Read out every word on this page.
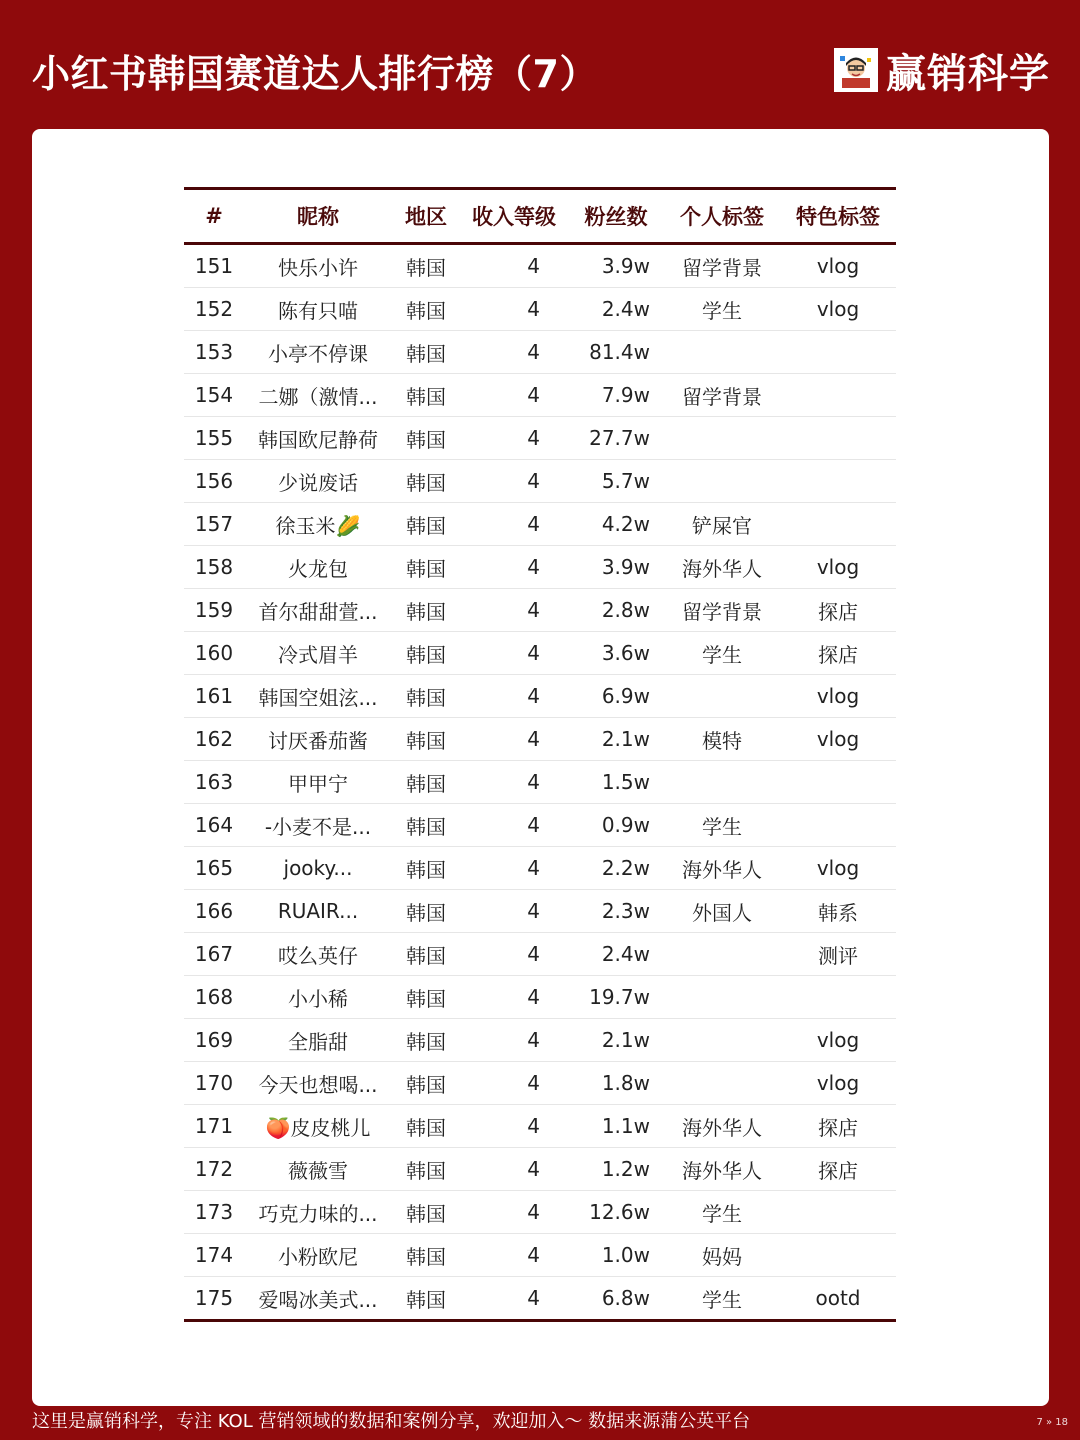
小红书韩国赛道达人排行榜（7）	赢销科学
#	昵称	地区	收入等级	粉丝数	个人标签	特色标签
151	快乐小许	韩国	4	3.9w	留学背景	vlog
152	陈有只喵	韩国	4	2.4w	学生	vlog
153	小亭不停课	韩国	4	81.4w		
154	二娜（激情...	韩国	4	7.9w	留学背景	
155	韩国欧尼静荷	韩国	4	27.7w		
156	少说废话	韩国	4	5.7w		
157	徐玉米🌽	韩国	4	4.2w	铲屎官	
158	火龙包	韩国	4	3.9w	海外华人	vlog
159	首尔甜甜萱...	韩国	4	2.8w	留学背景	探店
160	冷式眉羊	韩国	4	3.6w	学生	探店
161	韩国空姐泫...	韩国	4	6.9w		vlog
162	讨厌番茄酱	韩国	4	2.1w	模特	vlog
163	甲甲宁	韩国	4	1.5w		
164	-小麦不是...	韩国	4	0.9w	学生	
165	jooky...	韩国	4	2.2w	海外华人	vlog
166	RUAIR...	韩国	4	2.3w	外国人	韩系
167	哎么英仔	韩国	4	2.4w		测评
168	小小稀	韩国	4	19.7w		
169	全脂甜	韩国	4	2.1w		vlog
170	今天也想喝...	韩国	4	1.8w		vlog
171	🍑皮皮桃儿	韩国	4	1.1w	海外华人	探店
172	薇薇雪	韩国	4	1.2w	海外华人	探店
173	巧克力味的...	韩国	4	12.6w	学生	
174	小粉欧尼	韩国	4	1.0w	妈妈	
175	爱喝冰美式...	韩国	4	6.8w	学生	ootd
这里是赢销科学，专注 KOL 营销领域的数据和案例分享，欢迎加入～ 数据来源蒲公英平台	7 » 18
